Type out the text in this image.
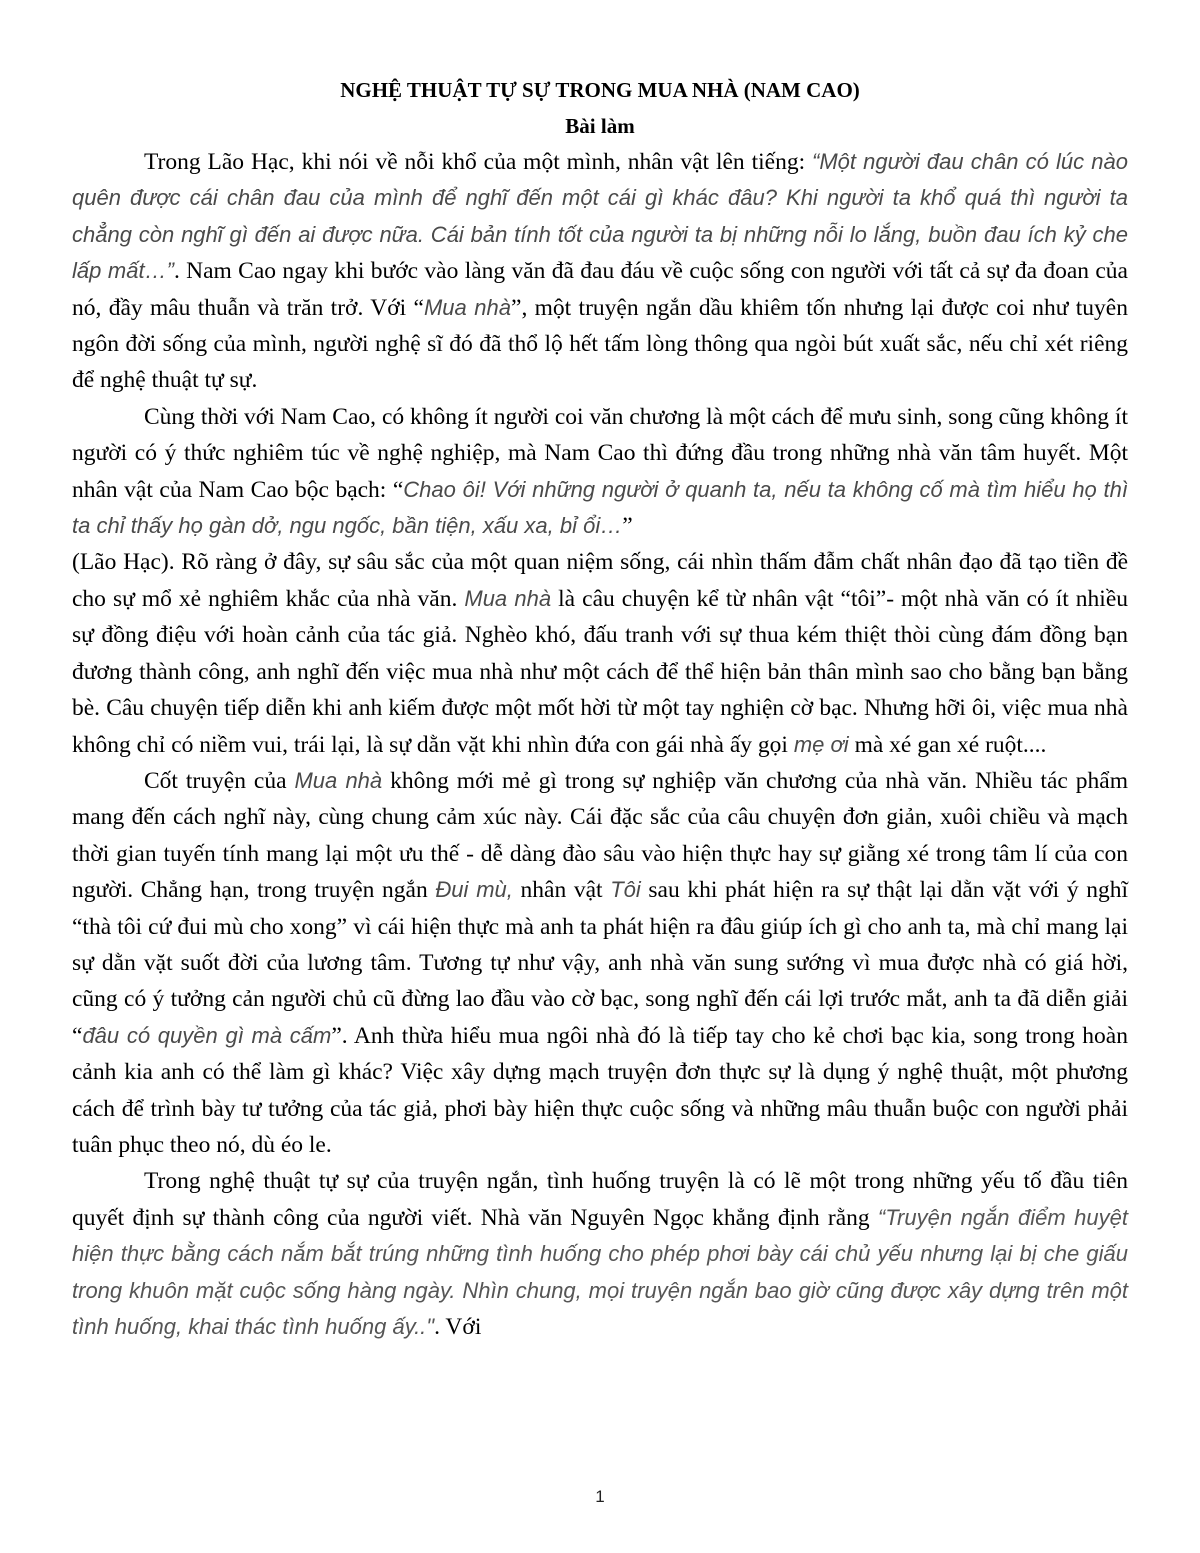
NGHỆ THUẬT TỰ SỰ TRONG MUA NHÀ (NAM CAO)
Bài làm

Trong Lão Hạc, khi nói về nỗi khổ của một mình, nhân vật lên tiếng: “Một người đau chân có lúc nào quên được cái chân đau của mình để nghĩ đến một cái gì khác đâu? Khi người ta khổ quá thì người ta chẳng còn nghĩ gì đến ai được nữa. Cái bản tính tốt của người ta bị những nỗi lo lắng, buồn đau ích kỷ che lấp mất…”. Nam Cao ngay khi bước vào làng văn đã đau đáu về cuộc sống con người với tất cả sự đa đoan của nó, đầy mâu thuẫn và trăn trở. Với “Mua nhà”, một truyện ngắn dầu khiêm tốn nhưng lại được coi như tuyên ngôn đời sống của mình, người nghệ sĩ đó đã thổ lộ hết tấm lòng thông qua ngòi bút xuất sắc, nếu chỉ xét riêng để nghệ thuật tự sự.

Cùng thời với Nam Cao, có không ít người coi văn chương là một cách để mưu sinh, song cũng không ít người có ý thức nghiêm túc về nghệ nghiệp, mà Nam Cao thì đứng đầu trong những nhà văn tâm huyết. Một nhân vật của Nam Cao bộc bạch: “Chao ôi! Với những người ở quanh ta, nếu ta không cố mà tìm hiểu họ thì ta chỉ thấy họ gàn dở, ngu ngốc, bần tiện, xấu xa, bỉ ổi…”

(Lão Hạc). Rõ ràng ở đây, sự sâu sắc của một quan niệm sống, cái nhìn thấm đẫm chất nhân đạo đã tạo tiền đề cho sự mổ xẻ nghiêm khắc của nhà văn. Mua nhà là câu chuyện kể từ nhân vật “tôi”- một nhà văn có ít nhiều sự đồng điệu với hoàn cảnh của tác giả. Nghèo khó, đấu tranh với sự thua kém thiệt thòi cùng đám đồng bạn đương thành công, anh nghĩ đến việc mua nhà như một cách để thể hiện bản thân mình sao cho bằng bạn bằng bè. Câu chuyện tiếp diễn khi anh kiếm được một mốt hời từ một tay nghiện cờ bạc. Nhưng hỡi ôi, việc mua nhà không chỉ có niềm vui, trái lại, là sự dằn vặt khi nhìn đứa con gái nhà ấy gọi mẹ ơi mà xé gan xé ruột....

Cốt truyện của Mua nhà không mới mẻ gì trong sự nghiệp văn chương của nhà văn. Nhiều tác phẩm mang đến cách nghĩ này, cùng chung cảm xúc này. Cái đặc sắc của câu chuyện đơn giản, xuôi chiều và mạch thời gian tuyến tính mang lại một ưu thế - dễ dàng đào sâu vào hiện thực hay sự giằng xé trong tâm lí của con người. Chẳng hạn, trong truyện ngắn Đui mù, nhân vật Tôi sau khi phát hiện ra sự thật lại dằn vặt với ý nghĩ “thà tôi cứ đui mù cho xong” vì cái hiện thực mà anh ta phát hiện ra đâu giúp ích gì cho anh ta, mà chỉ mang lại sự dằn vặt suốt đời của lương tâm. Tương tự như vậy, anh nhà văn sung sướng vì mua được nhà có giá hời, cũng có ý tưởng cản người chủ cũ đừng lao đầu vào cờ bạc, song nghĩ đến cái lợi trước mắt, anh ta đã diễn giải “đâu có quyền gì mà cấm”. Anh thừa hiểu mua ngôi nhà đó là tiếp tay cho kẻ chơi bạc kia, song trong hoàn cảnh kia anh có thể làm gì khác? Việc xây dựng mạch truyện đơn thực sự là dụng ý nghệ thuật, một phương cách để trình bày tư tưởng của tác giả, phơi bày hiện thực cuộc sống và những mâu thuẫn buộc con người phải tuân phục theo nó, dù éo le.

Trong nghệ thuật tự sự của truyện ngắn, tình huống truyện là có lẽ một trong những yếu tố đầu tiên quyết định sự thành công của người viết. Nhà văn Nguyên Ngọc khẳng định rằng “Truyện ngắn điểm huyệt hiện thực bằng cách nắm bắt trúng những tình huống cho phép phơi bày cái chủ yếu nhưng lại bị che giấu trong khuôn mặt cuộc sống hàng ngày. Nhìn chung, mọi truyện ngắn bao giờ cũng được xây dựng trên một tình huống, khai thác tình huống ấy..". Với

1
